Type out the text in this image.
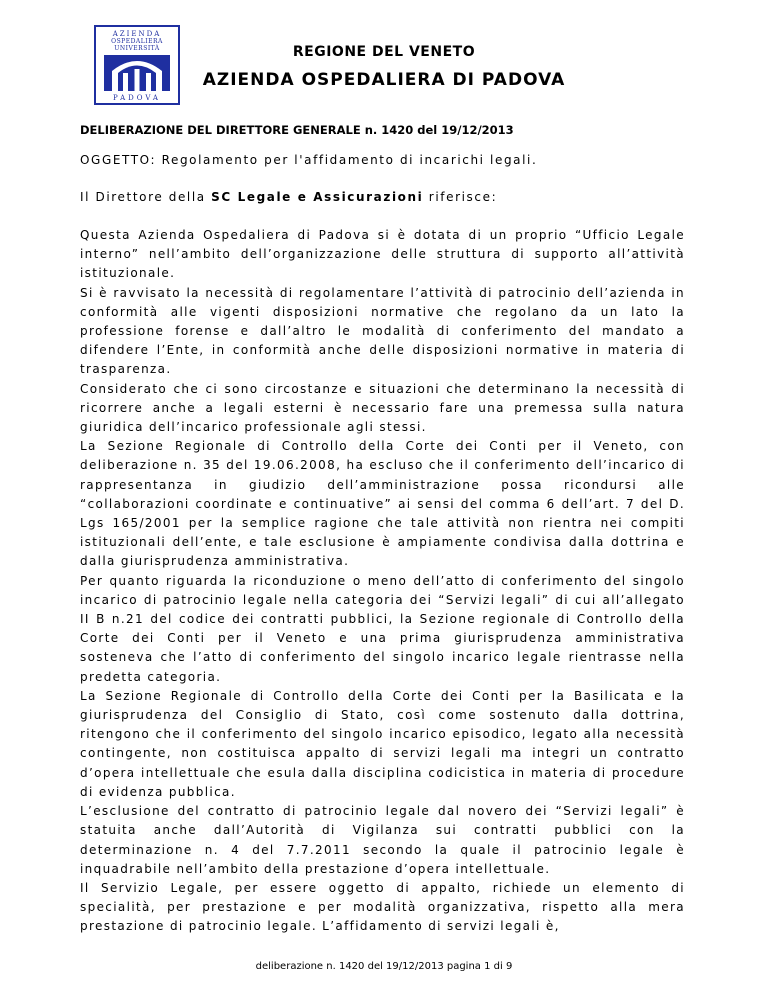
AZIENDA
OSPEDALIERA
UNIVERSITÀ
PADOVA
REGIONE DEL VENETO
AZIENDA OSPEDALIERA DI PADOVA
DELIBERAZIONE DEL DIRETTORE GENERALE n. 1420 del 19/12/2013
OGGETTO: Regolamento per l'affidamento di incarichi legali.
Il Direttore della SC Legale e Assicurazioni riferisce:

Questa Azienda Ospedaliera di Padova si è dotata di un proprio “Ufficio Legale interno” nell’ambito dell’organizzazione delle struttura di supporto all’attività istituzionale.

Si è ravvisato la necessità di regolamentare l’attività di patrocinio dell’azienda in conformità alle vigenti disposizioni normative che regolano da un lato la professione forense e dall’altro le modalità di conferimento del mandato a difendere l’Ente, in conformità anche delle disposizioni normative in materia di trasparenza.

Considerato che ci sono circostanze e situazioni che determinano la necessità di ricorrere anche a legali esterni è necessario fare una premessa sulla natura giuridica dell’incarico professionale agli stessi.

La Sezione Regionale di Controllo della Corte dei Conti per il Veneto, con deliberazione n. 35 del 19.06.2008, ha escluso che il conferimento dell’incarico di rappresentanza in giudizio dell’amministrazione possa ricondursi alle “collaborazioni coordinate e continuative” ai sensi del comma 6 dell’art. 7 del D. Lgs 165/2001 per la semplice ragione che tale attività non rientra nei compiti istituzionali dell’ente, e tale esclusione è ampiamente condivisa dalla dottrina e dalla giurisprudenza amministrativa.

Per quanto riguarda la riconduzione o meno dell’atto di conferimento del singolo incarico di patrocinio legale nella categoria dei “Servizi legali” di cui all’allegato II B n.21 del codice dei contratti pubblici, la Sezione regionale di Controllo della Corte dei Conti per il Veneto e una prima giurisprudenza amministrativa sosteneva che l’atto di conferimento del singolo incarico legale rientrasse nella predetta categoria.

La Sezione Regionale di Controllo della Corte dei Conti per la Basilicata e la giurisprudenza del Consiglio di Stato, così come sostenuto dalla dottrina, ritengono che il conferimento del singolo incarico episodico, legato alla necessità contingente, non costituisca appalto di servizi legali ma integri un contratto d’opera intellettuale che esula dalla disciplina codicistica in materia di procedure di evidenza pubblica.

L’esclusione del contratto di patrocinio legale dal novero dei “Servizi legali” è statuita anche dall’Autorità di Vigilanza sui contratti pubblici con la determinazione n. 4 del 7.7.2011 secondo la quale il patrocinio legale è inquadrabile nell’ambito della prestazione d’opera intellettuale.

Il Servizio Legale, per essere oggetto di appalto, richiede un elemento di specialità, per prestazione e per modalità organizzativa, rispetto alla mera prestazione di patrocinio legale. L’affidamento di servizi legali è,

deliberazione n. 1420 del 19/12/2013 pagina 1 di 9
